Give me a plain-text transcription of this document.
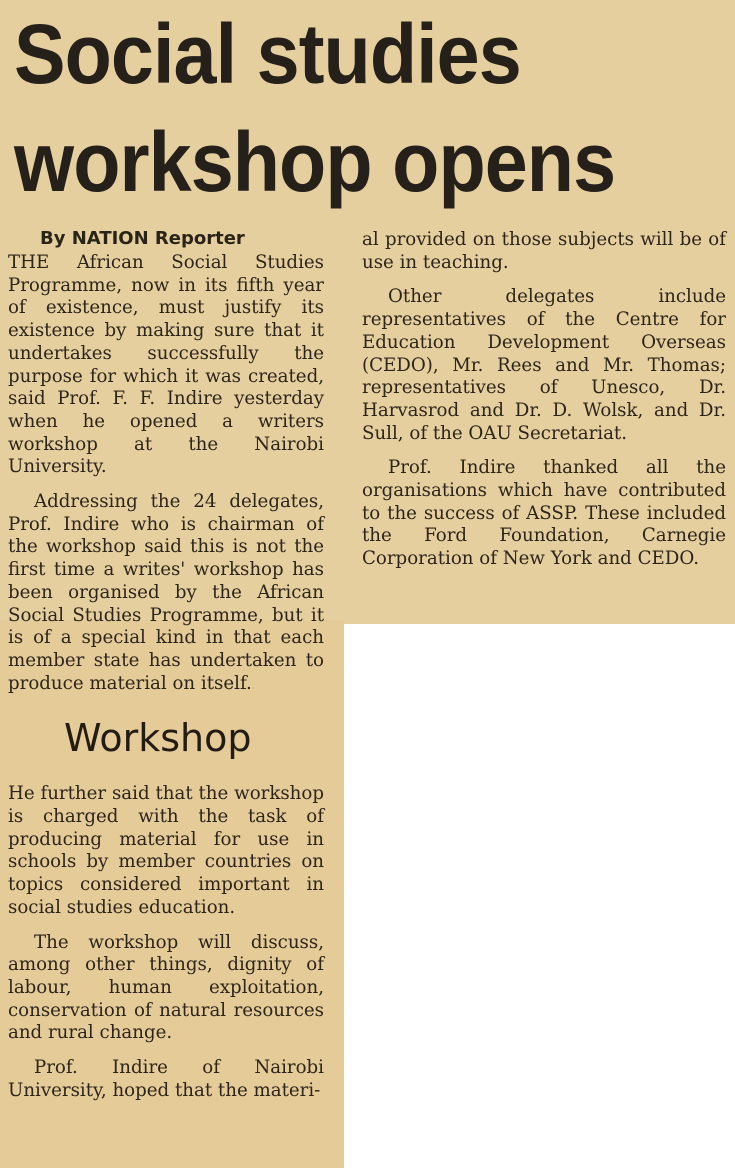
Social studies
workshop opens
By NATION Reporter

THE African Social Studies Programme, now in its fifth year of existence, must justify its existence by making sure that it undertakes successfully the purpose for which it was created, said Prof. F. F. Indire yesterday when he opened a writers workshop at the Nairobi University.

Addressing the 24 delegates, Prof. Indire who is chairman of the workshop said this is not the first time a writes' workshop has been organised by the African Social Studies Programme, but it is of a special kind in that each member state has undertaken to produce material on itself.

Workshop

He further said that the workshop is charged with the task of producing material for use in schools by member countries on topics considered important in social studies education.

The workshop will discuss, among other things, dignity of labour, human exploitation, conservation of natural resources and rural change.

Prof. Indire of Nairobi University, hoped that the materi-

al provided on those subjects will be of use in teaching.

Other delegates include representatives of the Centre for Education Development Overseas (CEDO), Mr. Rees and Mr. Thomas; representatives of Unesco, Dr. Harvasrod and Dr. D. Wolsk, and Dr. Sull, of the OAU Secretariat.

Prof. Indire thanked all the organisations which have contributed to the success of ASSP. These included the Ford Foundation, Carnegie Corporation of New York and CEDO.
